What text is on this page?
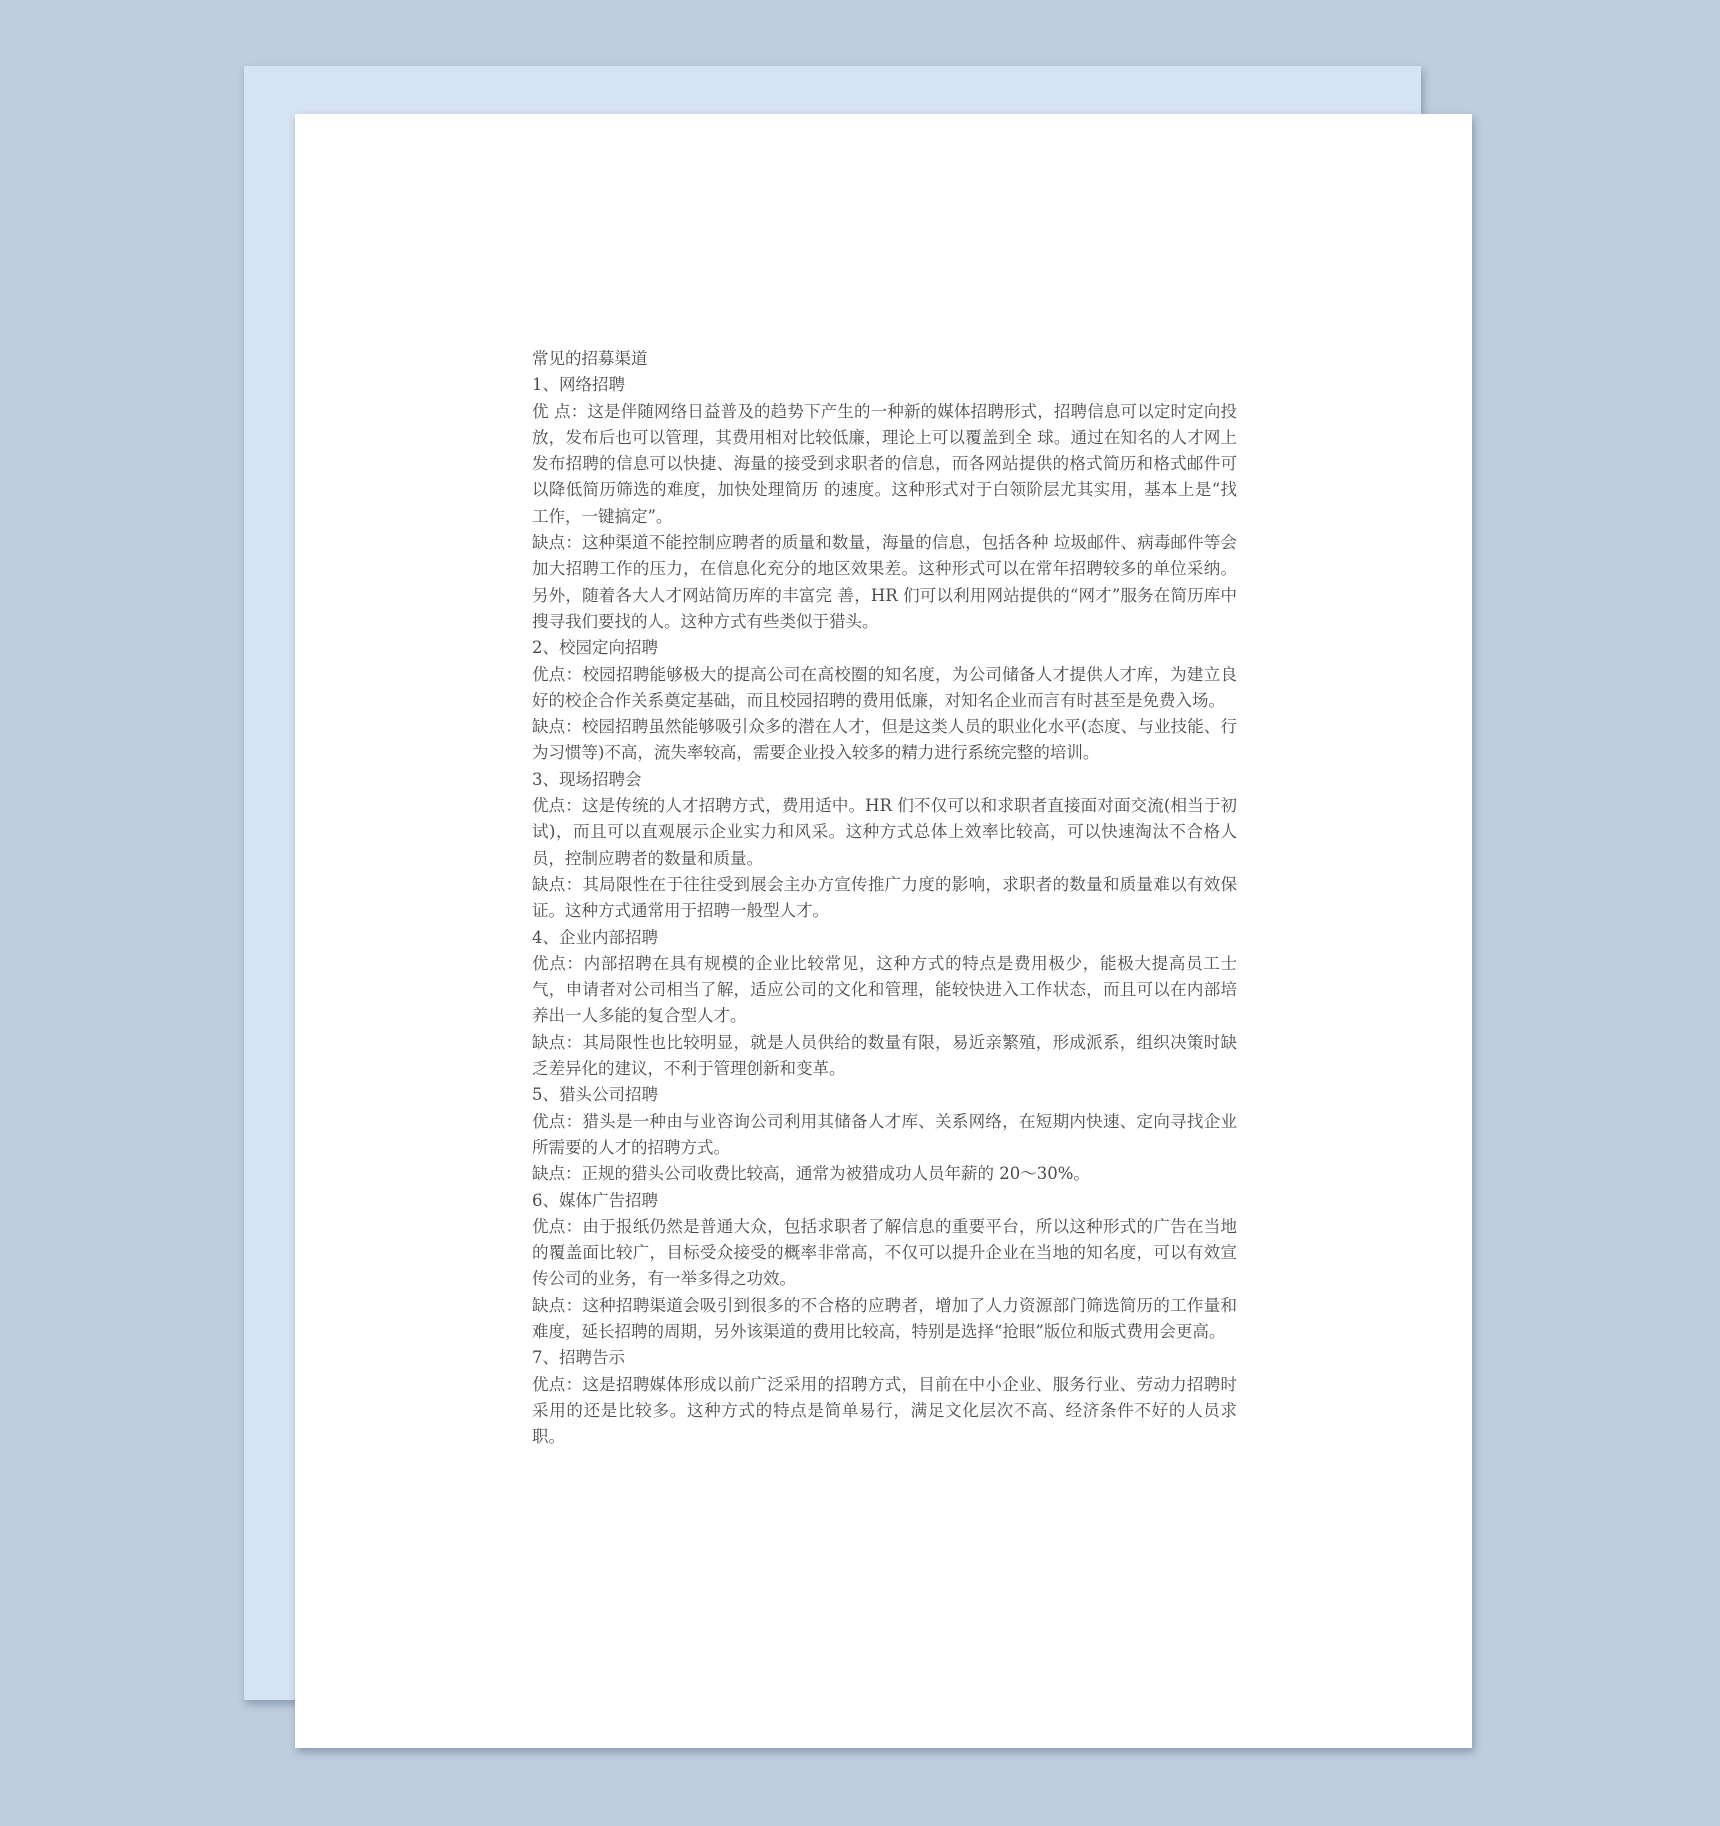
常见的招募渠道

1、网络招聘

优 点：这是伴随网络日益普及的趋势下产生的一种新的媒体招聘形式，招聘信息可以定时定向投放，发布后也可以管理，其费用相对比较低廉，理论上可以覆盖到全 球。通过在知名的人才网上发布招聘的信息可以快捷、海量的接受到求职者的信息，而各网站提供的格式简历和格式邮件可以降低简历筛选的难度，加快处理简历 的速度。这种形式对于白领阶层尤其实用，基本上是“找工作，一键搞定”。

缺点：这种渠道不能控制应聘者的质量和数量，海量的信息，包括各种 垃圾邮件、病毒邮件等会加大招聘工作的压力，在信息化充分的地区效果差。这种形式可以在常年招聘较多的单位采纳。另外，随着各大人才网站简历库的丰富完 善，HR 们可以利用网站提供的“网才”服务在简历库中搜寻我们要找的人。这种方式有些类似于猎头。

2、校园定向招聘

优点：校园招聘能够极大的提高公司在高校圈的知名度，为公司储备人才提供人才库，为建立良好的校企合作关系奠定基础，而且校园招聘的费用低廉，对知名企业而言有时甚至是免费入场。

缺点：校园招聘虽然能够吸引众多的潜在人才，但是这类人员的职业化水平(态度、与业技能、行为习惯等)不高，流失率较高，需要企业投入较多的精力进行系统完整的培训。

3、现场招聘会

优点：这是传统的人才招聘方式，费用适中。HR 们不仅可以和求职者直接面对面交流(相当于初试)，而且可以直观展示企业实力和风采。这种方式总体上效率比较高，可以快速淘汰不合格人员，控制应聘者的数量和质量。

缺点：其局限性在于往往受到展会主办方宣传推广力度的影响，求职者的数量和质量难以有效保证。这种方式通常用于招聘一般型人才。

4、企业内部招聘

优点：内部招聘在具有规模的企业比较常见，这种方式的特点是费用极少，能极大提高员工士气，申请者对公司相当了解，适应公司的文化和管理，能较快进入工作状态，而且可以在内部培养出一人多能的复合型人才。

缺点：其局限性也比较明显，就是人员供给的数量有限，易近亲繁殖，形成派系，组织决策时缺乏差异化的建议，不利于管理创新和变革。

5、猎头公司招聘

优点：猎头是一种由与业咨询公司利用其储备人才库、关系网络，在短期内快速、定向寻找企业所需要的人才的招聘方式。

缺点：正规的猎头公司收费比较高，通常为被猎成功人员年薪的 20～30%。

6、媒体广告招聘

优点：由于报纸仍然是普通大众，包括求职者了解信息的重要平台，所以这种形式的广告在当地的覆盖面比较广，目标受众接受的概率非常高，不仅可以提升企业在当地的知名度，可以有效宣传公司的业务，有一举多得之功效。

缺点：这种招聘渠道会吸引到很多的不合格的应聘者，增加了人力资源部门筛选简历的工作量和难度，延长招聘的周期，另外该渠道的费用比较高，特别是选择“抢眼”版位和版式费用会更高。

7、招聘告示

优点：这是招聘媒体形成以前广泛采用的招聘方式，目前在中小企业、服务行业、劳动力招聘时采用的还是比较多。这种方式的特点是简单易行，满足文化层次不高、经济条件不好的人员求职。
